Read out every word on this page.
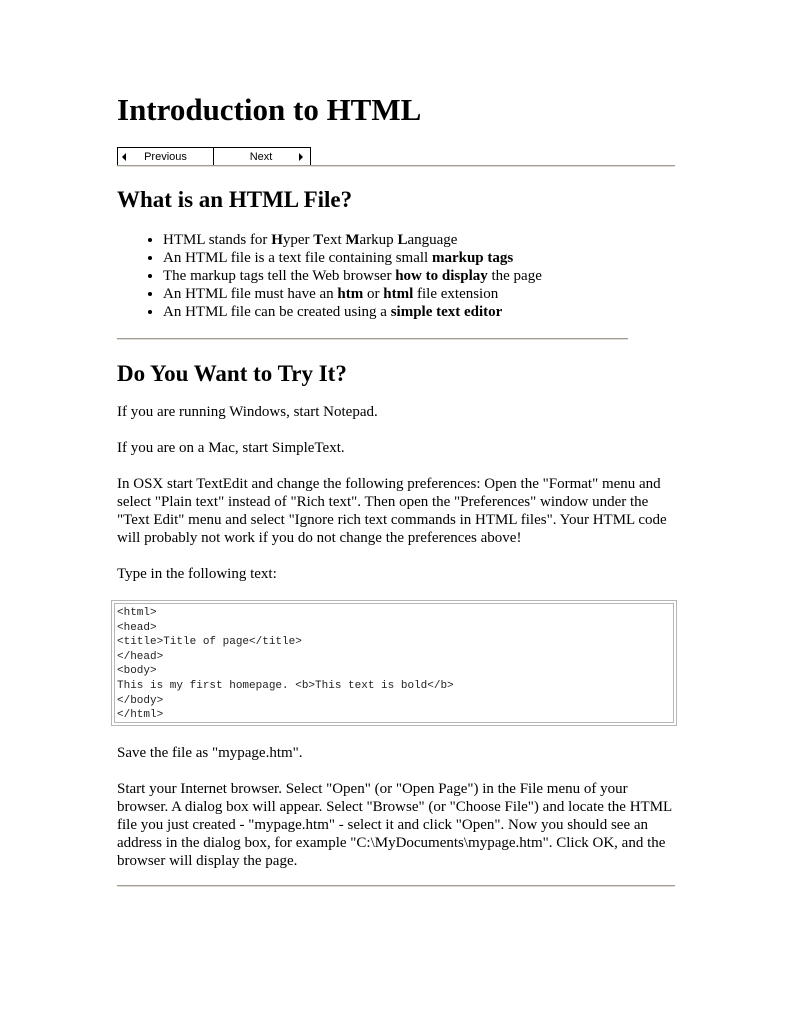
Introduction to HTML
Previous	Next
What is an HTML File?
• HTML stands for Hyper Text Markup Language
• An HTML file is a text file containing small markup tags
• The markup tags tell the Web browser how to display the page
• An HTML file must have an htm or html file extension
• An HTML file can be created using a simple text editor
Do You Want to Try It?

If you are running Windows, start Notepad.

If you are on a Mac, start SimpleText.

In OSX start TextEdit and change the following preferences: Open the "Format" menu and select "Plain text" instead of "Rich text". Then open the "Preferences" window under the "Text Edit" menu and select "Ignore rich text commands in HTML files". Your HTML code will probably not work if you do not change the preferences above!

Type in the following text:

<html>
<head>
<title>Title of page</title>
</head>
<body>
This is my first homepage. <b>This text is bold</b>
</body>
</html>

Save the file as "mypage.htm".

Start your Internet browser. Select "Open" (or "Open Page") in the File menu of your browser. A dialog box will appear. Select "Browse" (or "Choose File") and locate the HTML file you just created - "mypage.htm" - select it and click "Open". Now you should see an address in the dialog box, for example "C:\MyDocuments\mypage.htm". Click OK, and the browser will display the page.
